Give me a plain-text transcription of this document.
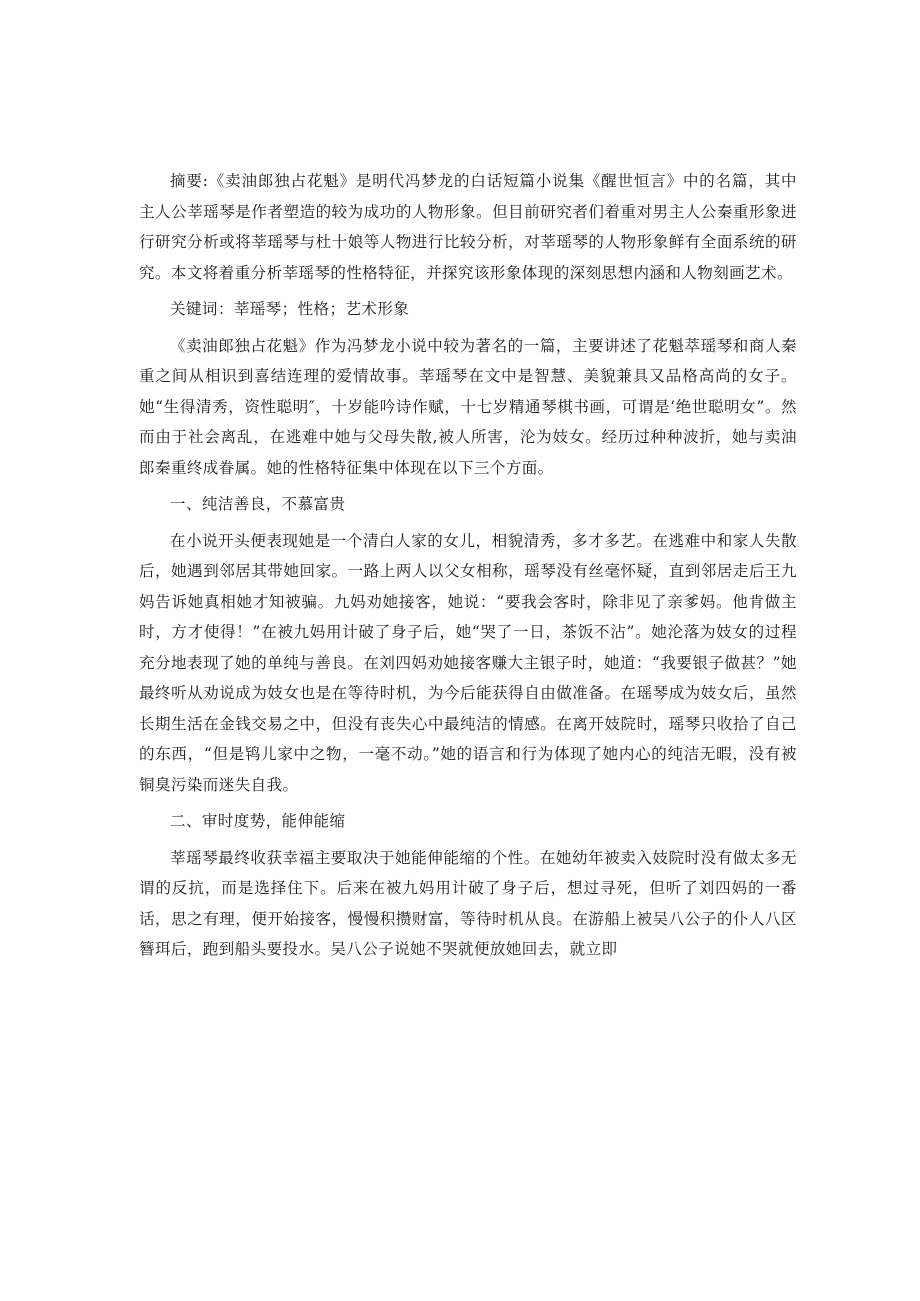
摘要:《卖油郎独占花魁》是明代冯梦龙的白话短篇小说集《醒世恒言》中的名篇，其中主人公莘瑶琴是作者塑造的较为成功的人物形象。但目前研究者们着重对男主人公秦重形象进行研究分析或将莘瑶琴与杜十娘等人物进行比较分析，对莘瑶琴的人物形象鲜有全面系统的研究。本文将着重分析莘瑶琴的性格特征，并探究该形象体现的深刻思想内涵和人物刻画艺术。

关键词：莘瑶琴；性格；艺术形象

《卖油郎独占花魁》作为冯梦龙小说中较为著名的一篇，主要讲述了花魁萃瑶琴和商人秦重之间从相识到喜结连理的爱情故事。莘瑶琴在文中是智慧、美貌兼具又品格高尚的女子。她“生得清秀，资性聪明″，十岁能吟诗作赋，十七岁精通琴棋书画，可谓是‘绝世聪明女”。然而由于社会离乱，在逃难中她与父母失散,被人所害，沦为妓女。经历过种种波折，她与卖油郎秦重终成眷属。她的性格特征集中体现在以下三个方面。

一、纯洁善良，不慕富贵

在小说开头便表现她是一个清白人家的女儿，相貌清秀，多才多艺。在逃难中和家人失散后，她遇到邻居其带她回家。一路上两人以父女相称，瑶琴没有丝毫怀疑，直到邻居走后王九妈告诉她真相她才知被骗。九妈劝她接客，她说：“要我会客时，除非见了亲爹妈。他肯做主时，方才使得！”在被九妈用计破了身子后，她“哭了一日，茶饭不沾”。她沦落为妓女的过程充分地表现了她的单纯与善良。在刘四妈劝她接客赚大主银子时，她道：“我要银子做甚？”她最终听从劝说成为妓女也是在等待时机，为今后能获得自由做准备。在瑶琴成为妓女后，虽然长期生活在金钱交易之中，但没有丧失心中最纯洁的情感。在离开妓院时，瑶琴只收拾了自己的东西，“但是鸨儿家中之物，一毫不动。”她的语言和行为体现了她内心的纯洁无暇，没有被铜臭污染而迷失自我。

二、审时度势，能伸能缩

莘瑶琴最终收获幸福主要取决于她能伸能缩的个性。在她幼年被卖入妓院时没有做太多无谓的反抗，而是选择住下。后来在被九妈用计破了身子后，想过寻死，但听了刘四妈的一番话，思之有理，便开始接客，慢慢积攒财富，等待时机从良。在游船上被吴八公子的仆人八区簪珥后，跑到船头要投水。吴八公子说她不哭就便放她回去，就立即
